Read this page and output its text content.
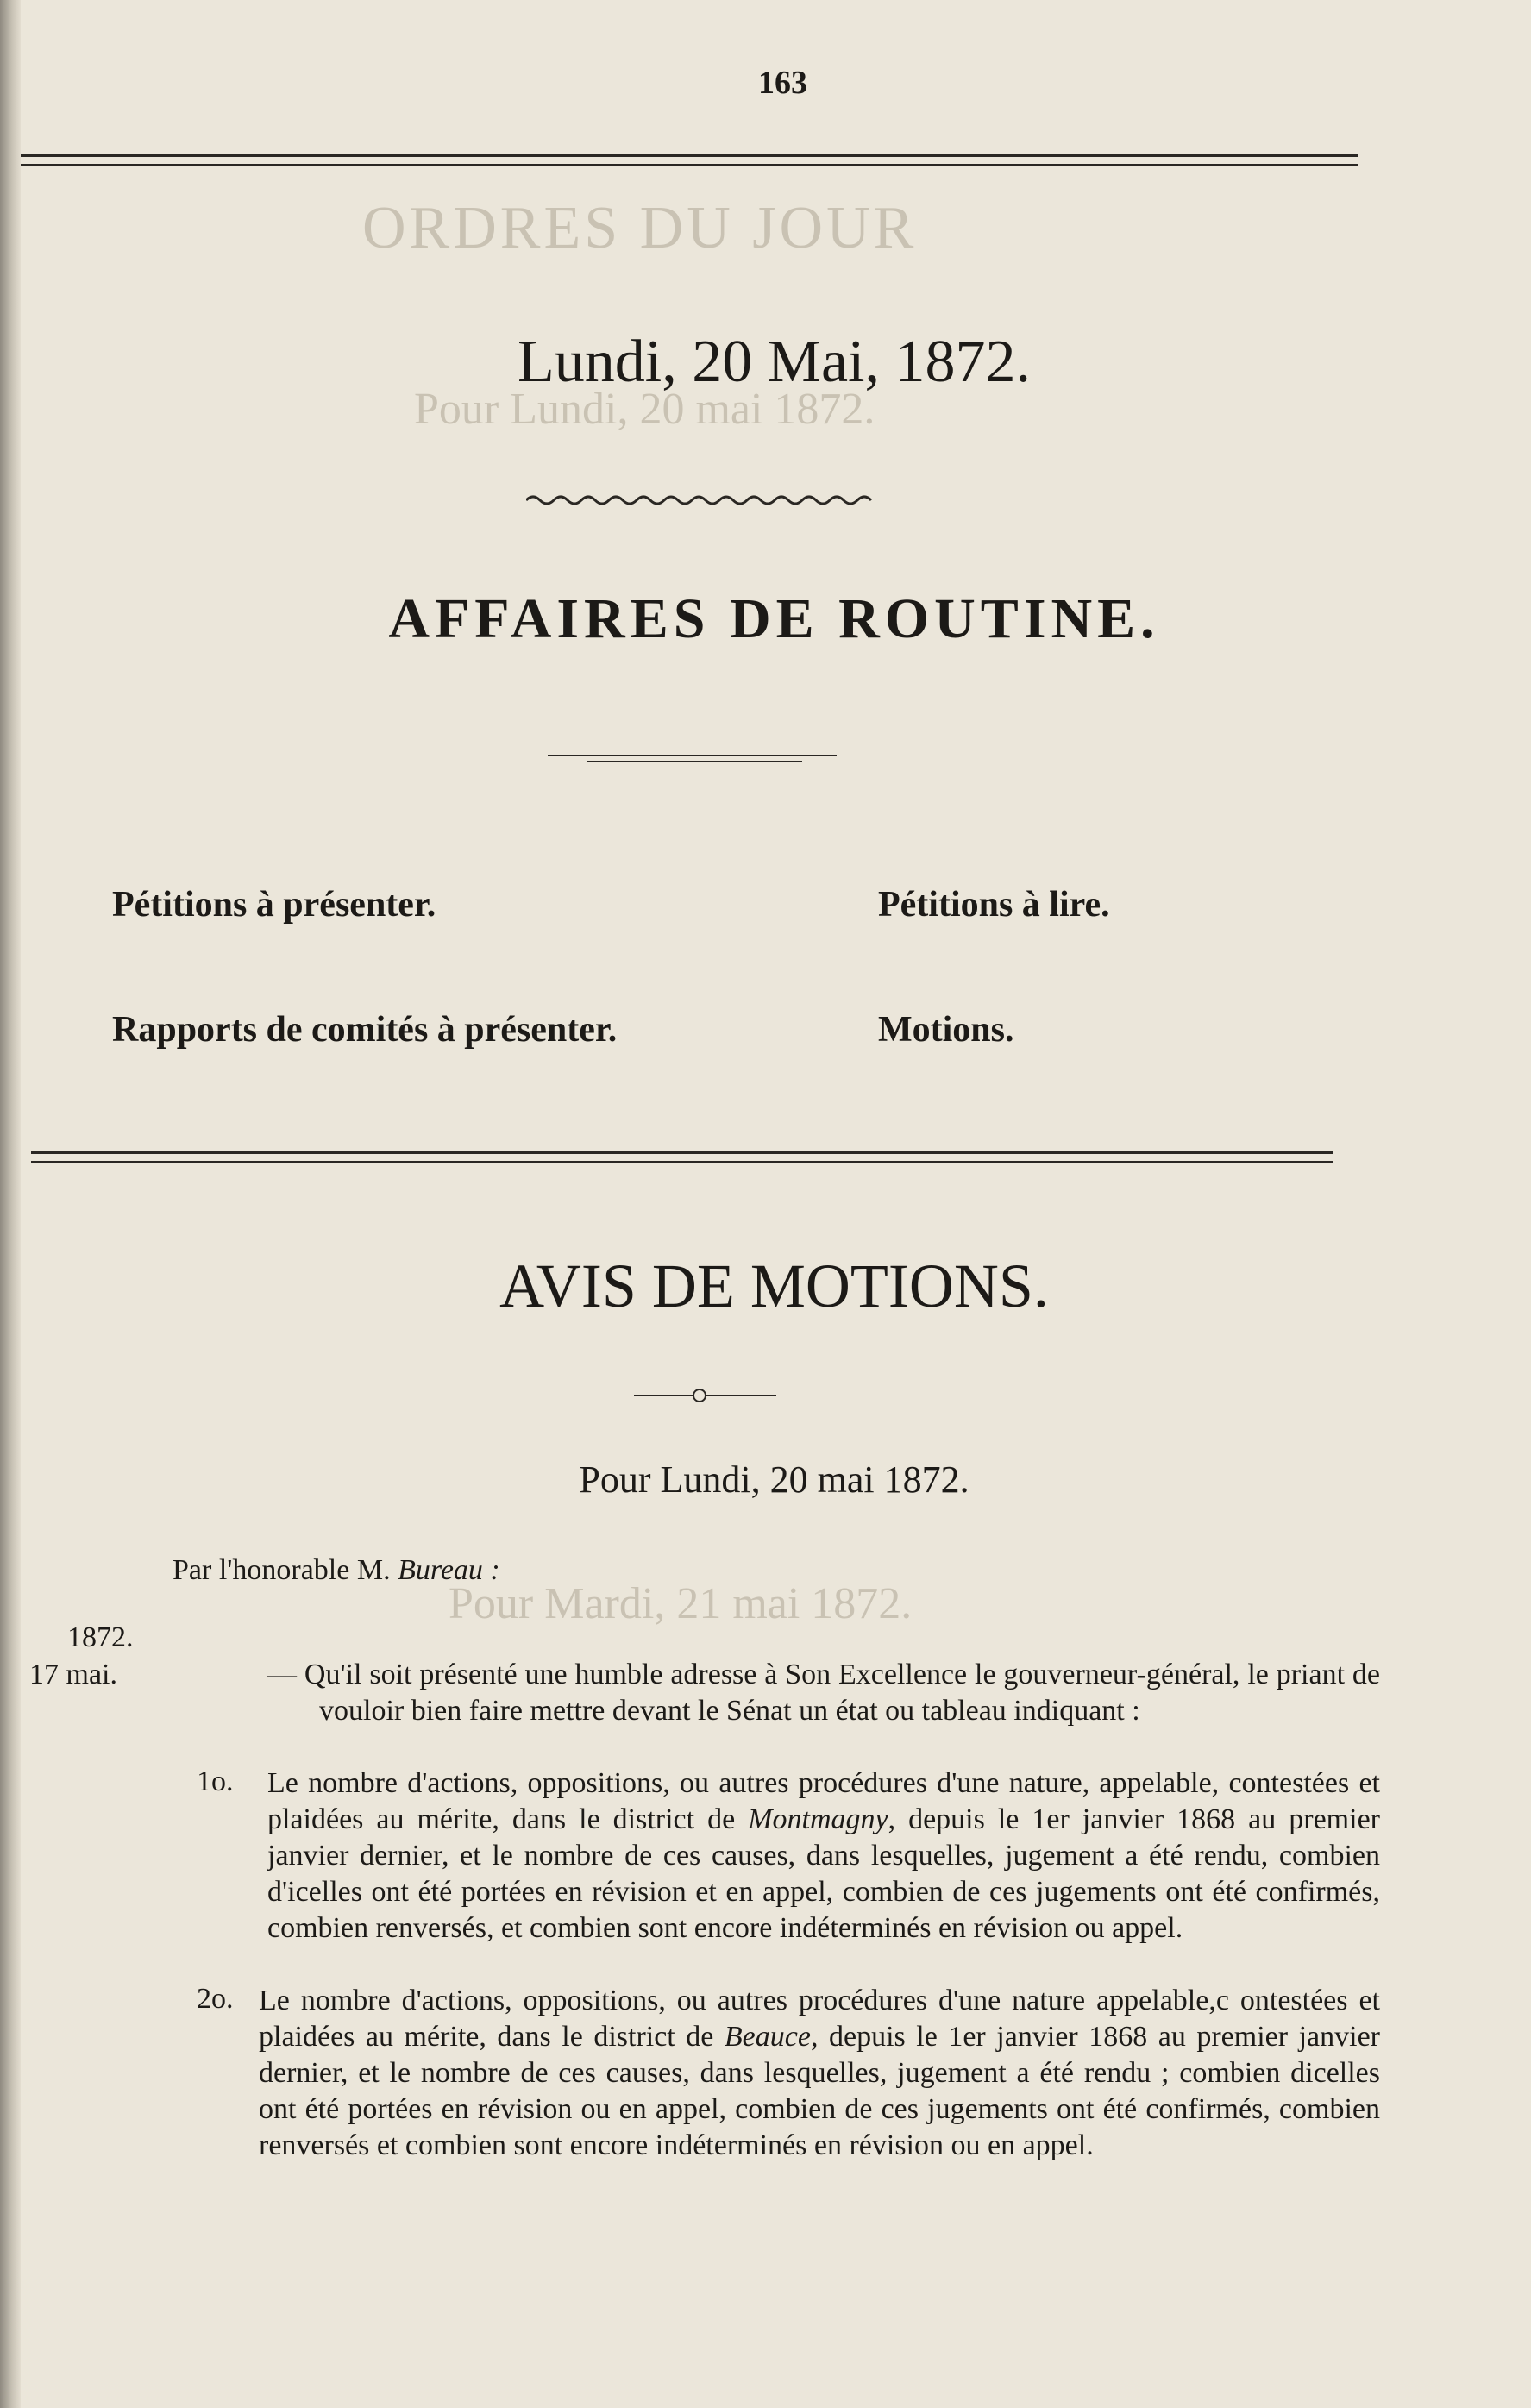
ORDRES DU JOUR
Pour Lundi, 20 mai 1872.
Pour Mardi, 21 mai 1872.
163
Lundi, 20 Mai, 1872.
AFFAIRES DE ROUTINE.
Pétitions à présenter.	Pétitions à lire.
Rapports de comités à présenter.	Motions.
AVIS DE MOTIONS.
Pour Lundi, 20 mai 1872.
Par l'honorable M. Bureau :
1872.
17 mai.	— Qu'il soit présenté une humble adresse à Son Excellence le gouverneur-général, le priant de vouloir bien faire mettre devant le Sénat un état ou tableau indiquant :
1o. Le nombre d'actions, oppositions, ou autres procédures d'une nature, appelable, contestées et plaidées au mérite, dans le district de Montmagny, depuis le 1er janvier 1868 au premier janvier dernier, et le nombre de ces causes, dans lesquelles, jugement a été rendu, combien d'icelles ont été portées en révision et en appel, combien de ces jugements ont été confirmés, combien renversés, et combien sont encore indéterminés en révision ou appel.
2o. Le nombre d'actions, oppositions, ou autres procédures d'une nature appelable,c ontestées et plaidées au mérite, dans le district de Beauce, depuis le 1er janvier 1868 au premier janvier dernier, et le nombre de ces causes, dans lesquelles, jugement a été rendu ; combien dicelles ont été portées en révision ou en appel, combien de ces jugements ont été confirmés, combien renversés et combien sont encore indéterminés en révision ou en appel.
